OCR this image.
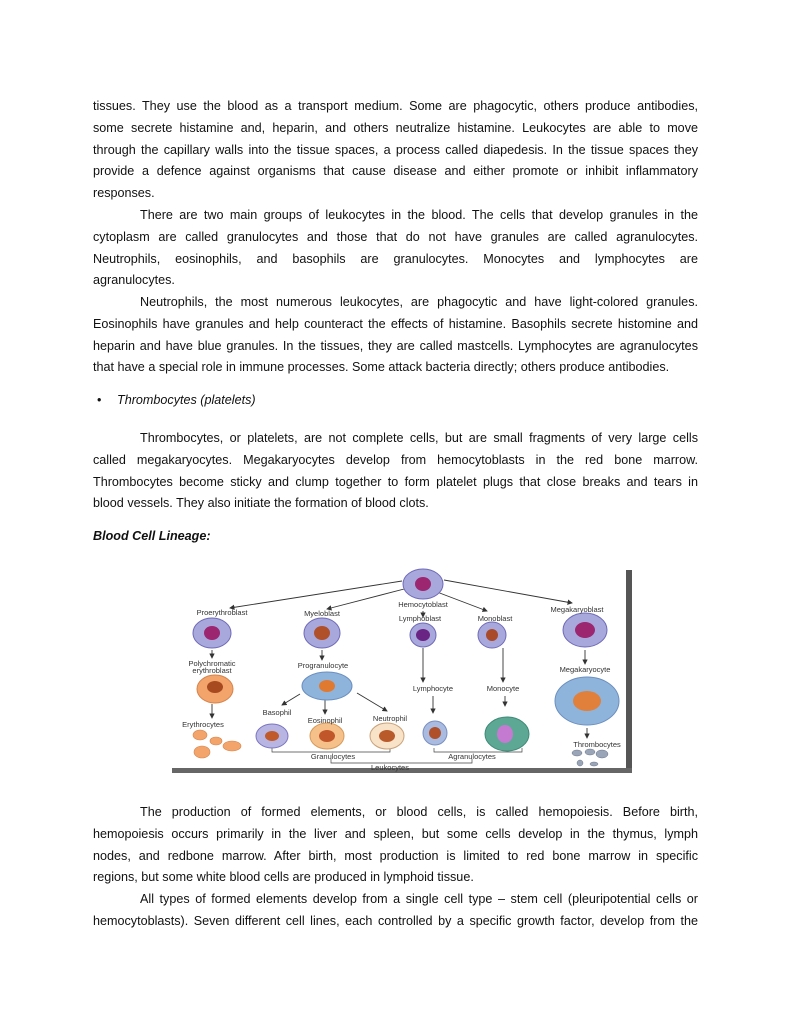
tissues. They use the blood as a transport medium. Some are phagocytic, others produce antibodies,
some secrete histamine and, heparin, and others neutralize histamine. Leukocytes are able to move
through the capillary walls into the tissue spaces, a process called diapedesis. In the tissue spaces they
provide a defence against organisms that cause disease and either promote or inhibit inflammatory
responses.
There are two main groups of leukocytes in the blood. The cells that develop granules in the
cytoplasm are called granulocytes and those that do not have granules are called agranulocytes.
Neutrophils, eosinophils, and basophils are granulocytes. Monocytes and lymphocytes are
agranulocytes.
Neutrophils, the most numerous leukocytes, are phagocytic and have light-colored granules.
Eosinophils have granules and help counteract the effects of histamine. Basophils secrete histomine and
heparin and have blue granules. In the tissues, they are called mastcells. Lymphocytes are agranulocytes
that have a special role in immune processes. Some attack bacteria directly; others produce antibodies.
• Thrombocytes (platelets)
Thrombocytes, or platelets, are not complete cells, but are small fragments of very large cells
called megakaryocytes. Megakaryocytes develop from hemocytoblasts in the red bone marrow.
Thrombocytes become sticky and clump together to form platelet plugs that close breaks and tears in
blood vessels. They also initiate the formation of blood clots.
Blood Cell Lineage:
Hemocytoblast
Proerythroblast	Myeloblast
Lymphoblast	Monoblast
Megakaryoblast
Polychromatic
erythroblast
Progranulocyte
Lymphocyte	Monocyte
Megakaryocyte
Basophil
Eosinophil	Neutrophil
Erythrocytes
Thrombocytes
Granulocytes	Agranulocytes
Leukocytes
The production of formed elements, or blood cells, is called hemopoiesis. Before birth,
hemopoiesis occurs primarily in the liver and spleen, but some cells develop in the thymus, lymph
nodes, and redbone marrow. After birth, most production is limited to red bone marrow in specific
regions, but some white blood cells are produced in lymphoid tissue.
All types of formed elements develop from a single cell type – stem cell (pleuripotential cells or
hemocytoblasts). Seven different cell lines, each controlled by a specific growth factor, develop from the
